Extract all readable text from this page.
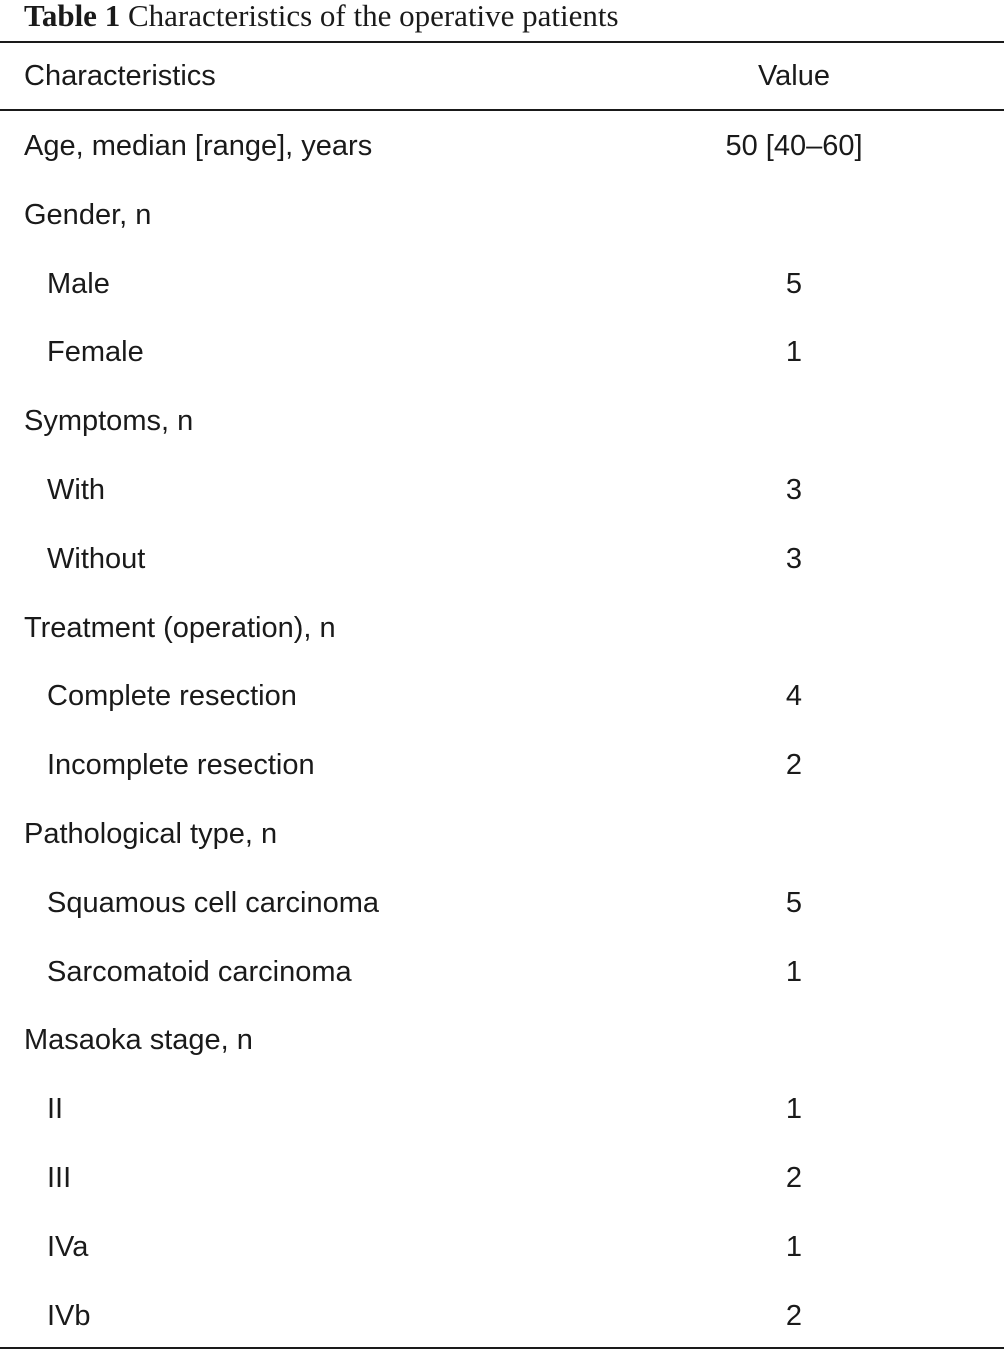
Table 1 Characteristics of the operative patients
Characteristics	Value
Age, median [range], years	50 [40–60]
Gender, n
Male	5
Female	1
Symptoms, n
With	3
Without	3
Treatment (operation), n
Complete resection	4
Incomplete resection	2
Pathological type, n
Squamous cell carcinoma	5
Sarcomatoid carcinoma	1
Masaoka stage, n
II	1
III	2
IVa	1
IVb	2
